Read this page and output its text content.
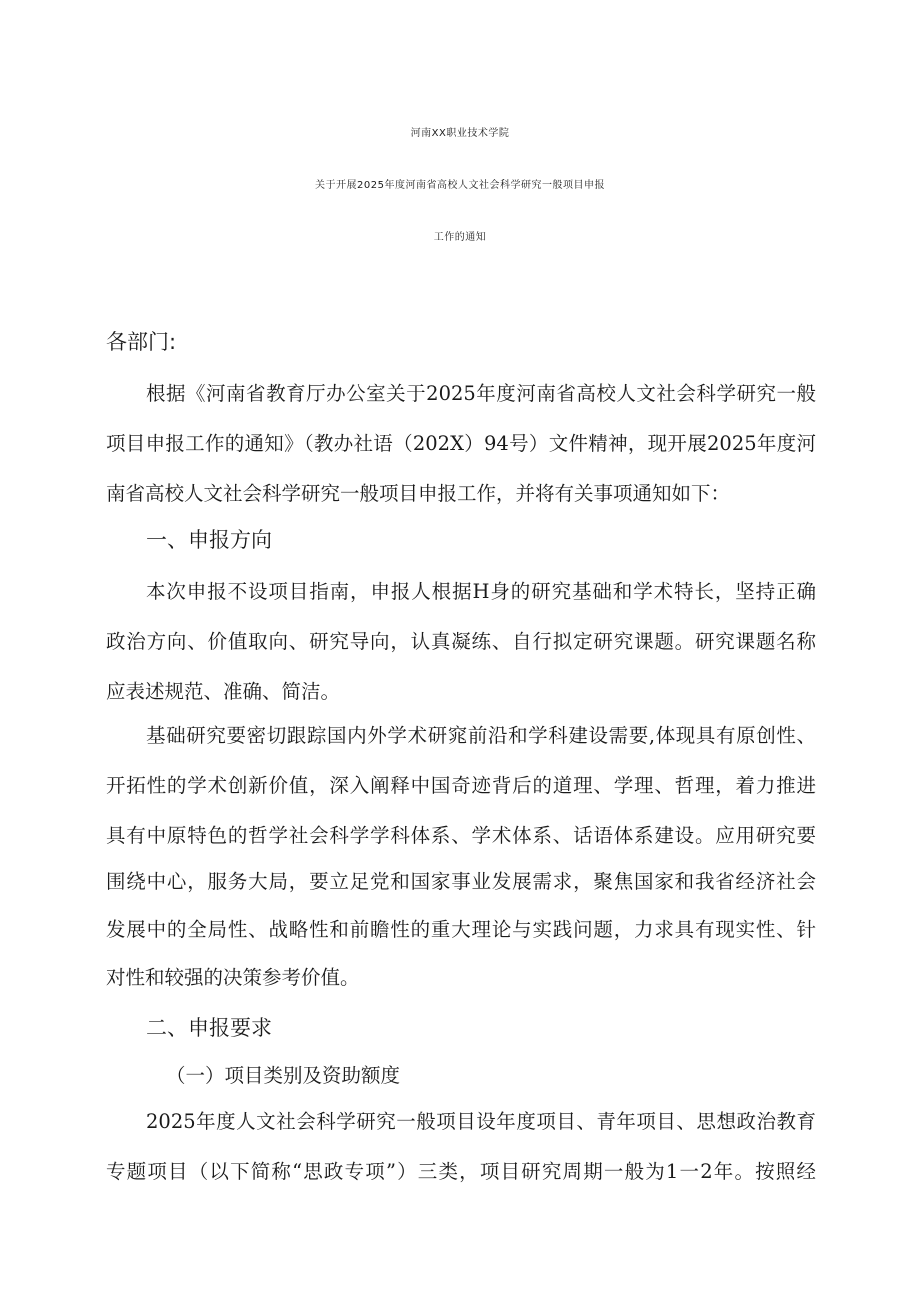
河南XX职业技术学院
关于开展2025年度河南省高校人文社会科学研究一般项目申报
工作的通知
各部门:
根据《河南省教育厅办公室关于2025年度河南省高校人文社会科学研究一般
项目申报工作的通知》（教办社语（202X）94号）文件精神，现开展2025年度河
南省高校人文社会科学研究一般项目申报工作，并将有关事项通知如下：
一、申报方向
本次申报不设项目指南，申报人根据H身的研究基础和学术特长，坚持正确
政治方向、价值取向、研究导向，认真凝练、自行拟定研究课题。研究课题名称
应表述规范、准确、简洁。
基础研究要密切跟踪国内外学术研窕前沿和学科建设需要,体现具有原创性、
开拓性的学术创新价值，深入阐释中国奇迹背后的道理、学理、哲理，着力推进
具有中原特色的哲学社会科学学科体系、学术体系、话语体系建设。应用研究要
围绕中心，服务大局，要立足党和国家事业发展需求，聚焦国家和我省经济社会
发展中的全局性、战略性和前瞻性的重大理论与实践问题，力求具有现实性、针
对性和较强的决策参考价值。
二、申报要求
（一）项目类别及资助额度
2025年度人文社会科学研究一般项目设年度项目、青年项目、思想政治教育
专题项目（以下简称“思政专项”）三类，项目研究周期一般为1一2年。按照经
